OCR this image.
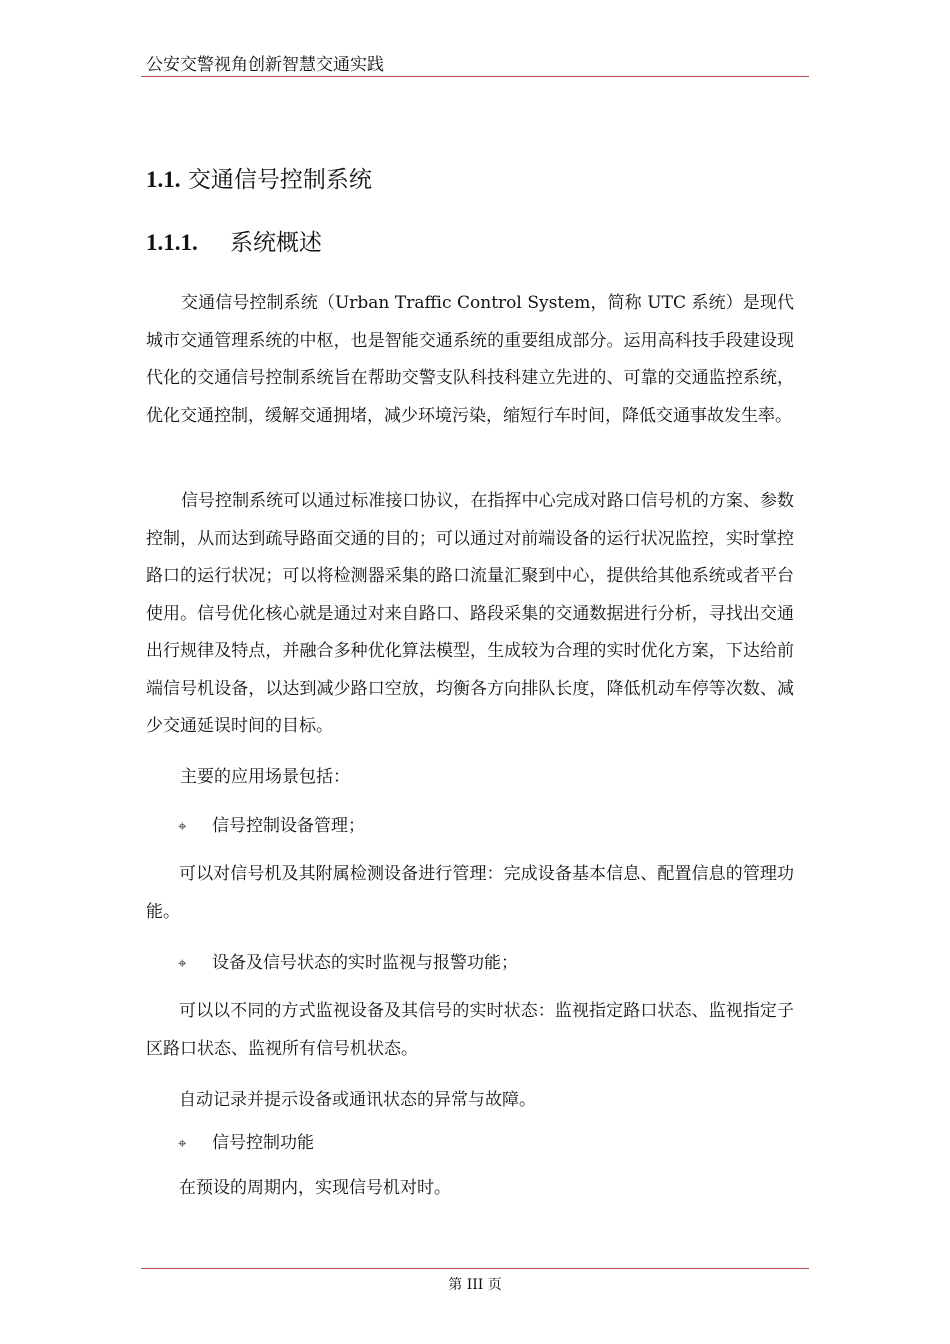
公安交警视角创新智慧交通实践
1.1. 交通信号控制系统
1.1.1. 系统概述

交通信号控制系统（Urban Traffic Control System，简称 UTC 系统）是现代城市交通管理系统的中枢，也是智能交通系统的重要组成部分。运用高科技手段建设现代化的交通信号控制系统旨在帮助交警支队科技科建立先进的、可靠的交通监控系统，优化交通控制，缓解交通拥堵，减少环境污染，缩短行车时间，降低交通事故发生率。

信号控制系统可以通过标准接口协议，在指挥中心完成对路口信号机的方案、参数控制，从而达到疏导路面交通的目的；可以通过对前端设备的运行状况监控，实时掌控路口的运行状况；可以将检测器采集的路口流量汇聚到中心，提供给其他系统或者平台使用。信号优化核心就是通过对来自路口、路段采集的交通数据进行分析，寻找出交通出行规律及特点，并融合多种优化算法模型，生成较为合理的实时优化方案，下达给前端信号机设备，以达到减少路口空放，均衡各方向排队长度，降低机动车停等次数、减少交通延误时间的目标。

主要的应用场景包括：
⌖ 信号控制设备管理；

可以对信号机及其附属检测设备进行管理：完成设备基本信息、配置信息的管理功能。

⌖ 设备及信号状态的实时监视与报警功能；

可以以不同的方式监视设备及其信号的实时状态：监视指定路口状态、监视指定子区路口状态、监视所有信号机状态。

自动记录并提示设备或通讯状态的异常与故障。
⌖ 信号控制功能
在预设的周期内，实现信号机对时。
第 III 页
